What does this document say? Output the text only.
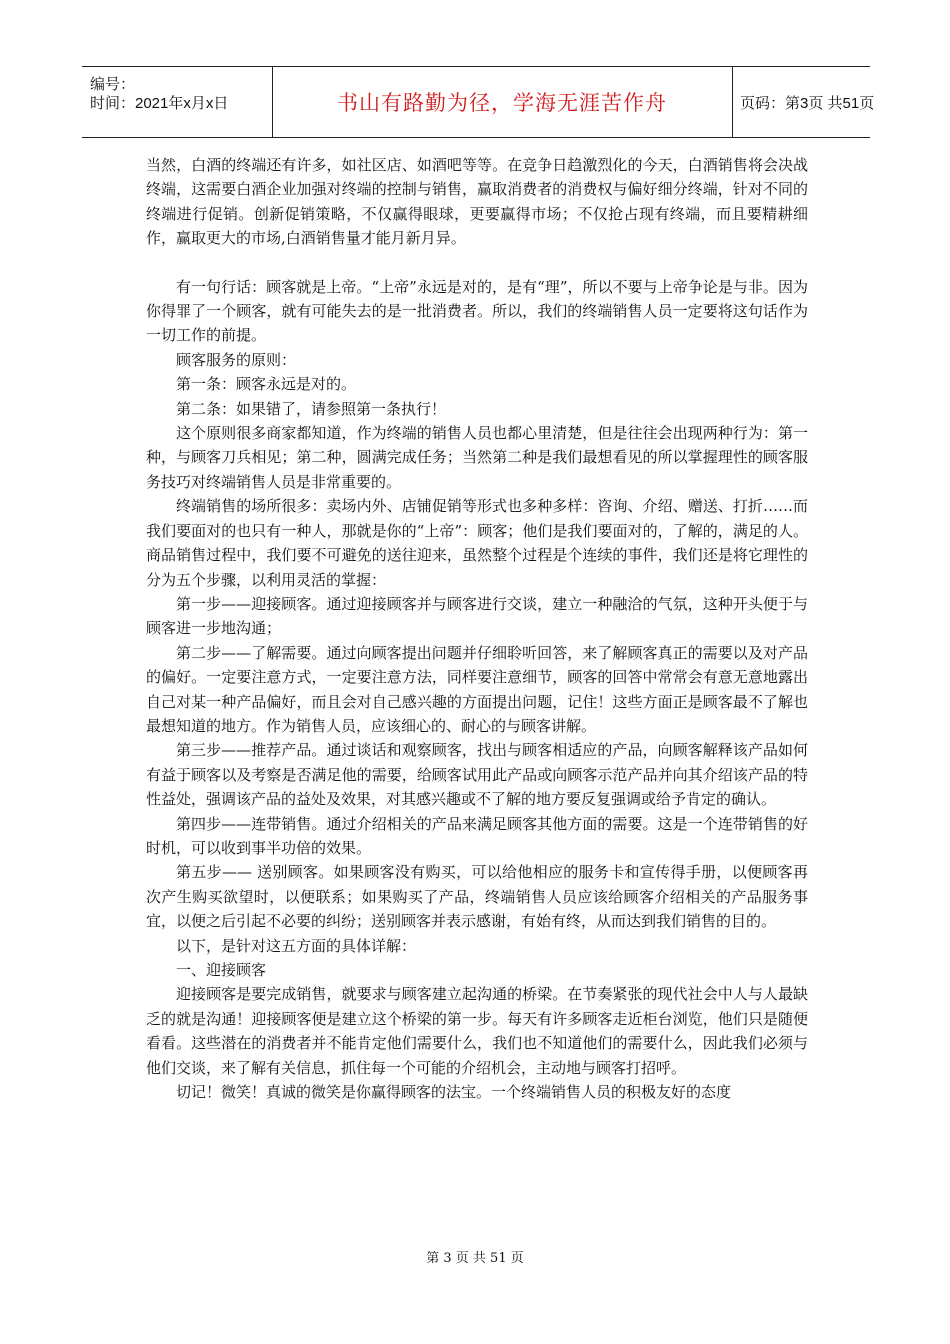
编号：
时间：2021年x月x日	书山有路勤为径，学海无涯苦作舟	页码：第3页 共51页

当然，白酒的终端还有许多，如社区店、如酒吧等等。在竞争日趋激烈化的今天，白酒销售将会决战终端，这需要白酒企业加强对终端的控制与销售，赢取消费者的消费权与偏好细分终端，针对不同的终端进行促销。创新促销策略，不仅赢得眼球，更要赢得市场；不仅抢占现有终端，而且要精耕细作，赢取更大的市场,白酒销售量才能月新月异。

有一句行话：顾客就是上帝。“上帝”永远是对的，是有“理”，所以不要与上帝争论是与非。因为你得罪了一个顾客，就有可能失去的是一批消费者。所以，我们的终端销售人员一定要将这句话作为一切工作的前提。

顾客服务的原则：

第一条：顾客永远是对的。

第二条：如果错了，请参照第一条执行！

这个原则很多商家都知道，作为终端的销售人员也都心里清楚，但是往往会出现两种行为：第一种，与顾客刀兵相见；第二种，圆满完成任务；当然第二种是我们最想看见的所以掌握理性的顾客服务技巧对终端销售人员是非常重要的。

终端销售的场所很多：卖场内外、店铺促销等形式也多种多样：咨询、介绍、赠送、打折……而我们要面对的也只有一种人，那就是你的“上帝”：顾客；他们是我们要面对的，了解的，满足的人。商品销售过程中，我们要不可避免的送往迎来，虽然整个过程是个连续的事件，我们还是将它理性的分为五个步骤，以利用灵活的掌握：

第一步——迎接顾客。通过迎接顾客并与顾客进行交谈，建立一种融洽的气氛，这种开头便于与顾客进一步地沟通；

第二步——了解需要。通过向顾客提出问题并仔细聆听回答，来了解顾客真正的需要以及对产品的偏好。一定要注意方式，一定要注意方法，同样要注意细节，顾客的回答中常常会有意无意地露出自己对某一种产品偏好，而且会对自己感兴趣的方面提出问题，记住！这些方面正是顾客最不了解也最想知道的地方。作为销售人员，应该细心的、耐心的与顾客讲解。

第三步——推荐产品。通过谈话和观察顾客，找出与顾客相适应的产品，向顾客解释该产品如何有益于顾客以及考察是否满足他的需要，给顾客试用此产品或向顾客示范产品并向其介绍该产品的特性益处，强调该产品的益处及效果，对其感兴趣或不了解的地方要反复强调或给予肯定的确认。

第四步——连带销售。通过介绍相关的产品来满足顾客其他方面的需要。这是一个连带销售的好时机，可以收到事半功倍的效果。

第五步—— 送别顾客。如果顾客没有购买，可以给他相应的服务卡和宣传得手册，以便顾客再次产生购买欲望时，以便联系；如果购买了产品，终端销售人员应该给顾客介绍相关的产品服务事宜，以便之后引起不必要的纠纷；送别顾客并表示感谢，有始有终，从而达到我们销售的目的。

以下，是针对这五方面的具体详解：

一、迎接顾客

迎接顾客是要完成销售，就要求与顾客建立起沟通的桥梁。在节奏紧张的现代社会中人与人最缺乏的就是沟通！迎接顾客便是建立这个桥梁的第一步。每天有许多顾客走近柜台浏览，他们只是随便看看。这些潜在的消费者并不能肯定他们需要什么，我们也不知道他们的需要什么，因此我们必须与他们交谈，来了解有关信息，抓住每一个可能的介绍机会，主动地与顾客打招呼。

切记！微笑！真诚的微笑是你赢得顾客的法宝。一个终端销售人员的积极友好的态度

第 3 页 共 51 页
